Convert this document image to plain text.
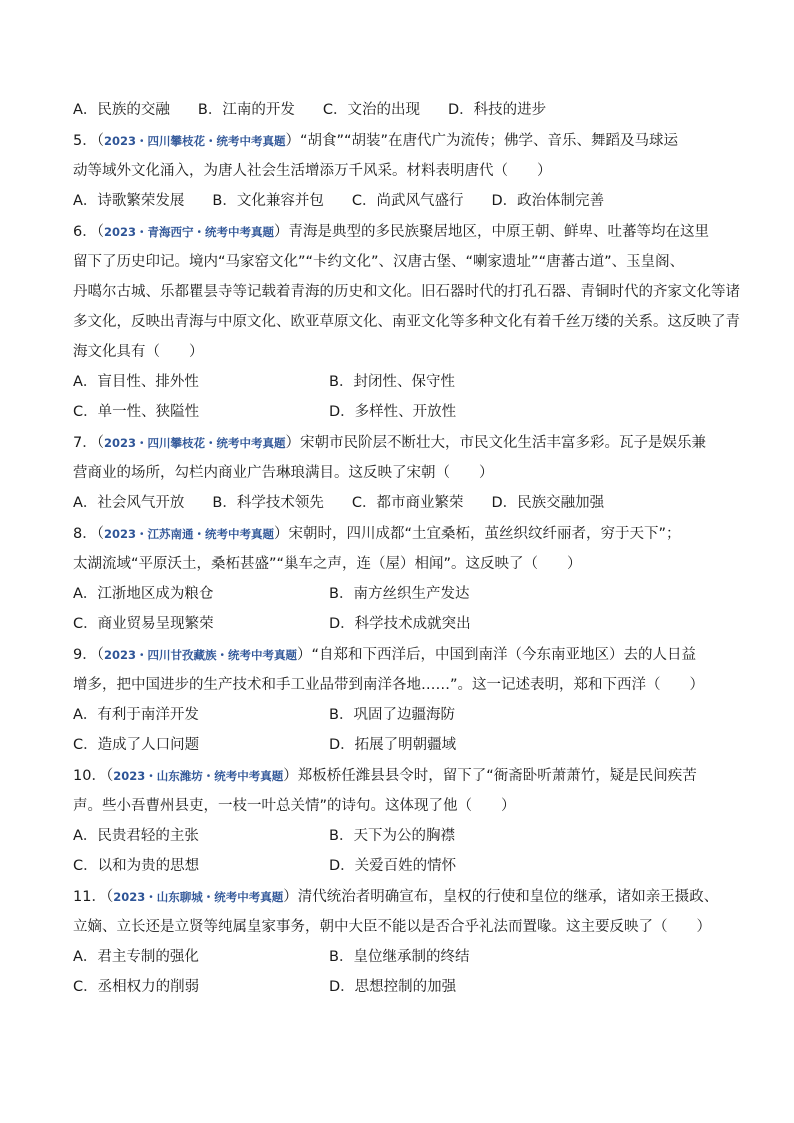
A．民族的交融 B．江南的开发 C．文治的出现 D．科技的进步
5．（2023・四川攀枝花・统考中考真题）“胡食”“胡装”在唐代广为流传；佛学、音乐、舞蹈及马球运
动等域外文化涌入，为唐人社会生活增添万千风采。材料表明唐代（　　）
A．诗歌繁荣发展 B．文化兼容并包 C．尚武风气盛行 D．政治体制完善
6．（2023・青海西宁・统考中考真题）青海是典型的多民族聚居地区，中原王朝、鲜卑、吐蕃等均在这里
留下了历史印记。境内“马家窑文化”“卡约文化”、汉唐古堡、“喇家遗址”“唐蕃古道”、玉皇阁、
丹噶尔古城、乐都瞿昙寺等记载着青海的历史和文化。旧石器时代的打孔石器、青铜时代的齐家文化等诸
多文化，反映出青海与中原文化、欧亚草原文化、南亚文化等多种文化有着千丝万缕的关系。这反映了青
海文化具有（　　）
A．盲目性、排外性	B．封闭性、保守性
C．单一性、狭隘性	D．多样性、开放性
7．（2023・四川攀枝花・统考中考真题）宋朝市民阶层不断壮大，市民文化生活丰富多彩。瓦子是娱乐兼
营商业的场所，勾栏内商业广告琳琅满目。这反映了宋朝（　　）
A．社会风气开放 B．科学技术领先 C．都市商业繁荣 D．民族交融加强
8．（2023・江苏南通・统考中考真题）宋朝时，四川成都“土宜桑柘，茧丝织纹纤丽者，穷于天下”；
太湖流域“平原沃土，桑柘甚盛”“巢车之声，连（屋）相闻”。这反映了（　　）
A．江浙地区成为粮仓	B．南方丝织生产发达
C．商业贸易呈现繁荣	D．科学技术成就突出
9．（2023・四川甘孜藏族・统考中考真题）“自郑和下西洋后，中国到南洋（今东南亚地区）去的人日益
增多，把中国进步的生产技术和手工业品带到南洋各地……”。这一记述表明，郑和下西洋（　　）
A．有利于南洋开发	B．巩固了边疆海防
C．造成了人口问题	D．拓展了明朝疆域
10．（2023・山东潍坊・统考中考真题）郑板桥任潍县县令时，留下了“衙斋卧听萧萧竹，疑是民间疾苦
声。些小吾曹州县吏，一枝一叶总关情”的诗句。这体现了他（　　）
A．民贵君轻的主张	B．天下为公的胸襟
C．以和为贵的思想	D．关爱百姓的情怀
11．（2023・山东聊城・统考中考真题）清代统治者明确宣布，皇权的行使和皇位的继承，诸如亲王摄政、
立嫡、立长还是立贤等纯属皇家事务，朝中大臣不能以是否合乎礼法而置喙。这主要反映了（　　）
A．君主专制的强化	B．皇位继承制的终结
C．丞相权力的削弱	D．思想控制的加强
